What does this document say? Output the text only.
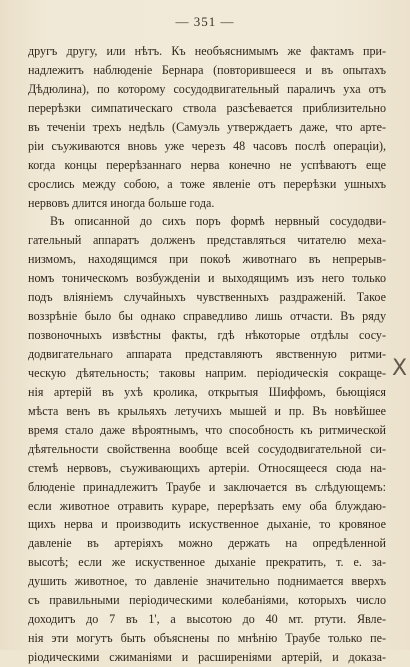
— 351 —
другъ другу, или нѣтъ. Къ необъяснимымъ же фактамъ при-
надлежитъ наблюденіе Бернара (повторившееся и въ опытахъ
Дѣдюлина), по которому сосудодвигательный параличъ уха отъ
перерѣзки симпатическаго ствола разсѣевается приблизительно
въ теченіи трехъ недѣль (Самуэль утверждаетъ даже, что арте-
ріи съуживаются вновь уже черезъ 48 часовъ послѣ операціи),
когда концы перерѣзаннаго нерва конечно не успѣваютъ еще
срослись между собою, а тоже явленіе отъ перерѣзки ушныхъ
нервовъ длится иногда больше года.
Въ описанной до сихъ поръ формѣ нервный сосудодви-
гательный аппаратъ долженъ представляться читателю меха-
низмомъ, находящимся при покоѣ животнаго въ непрерыв-
номъ тоническомъ возбужденіи и выходящимъ изъ него только
подъ вліяніемъ случайныхъ чувственныхъ раздраженій. Такое
воззрѣніе было бы однако справедливо лишь отчасти. Въ ряду
позвоночныхъ извѣстны факты, гдѣ нѣкоторые отдѣлы сосу-
додвигательнаго аппарата представляютъ явственную ритми-
ческую дѣятельность; таковы наприм. періодическія сокраще-
нія артерій въ ухѣ кролика, открытыя Шиффомъ, бьющіяся
мѣста венъ въ крыльяхъ летучихъ мышей и пр. Въ новѣйшее
время стало даже вѣроятнымъ, что способность къ ритмической
дѣятельности свойственна вообще всей сосудодвигательной си-
стемѣ нервовъ, съуживающихъ артеріи. Относящееся сюда на-
блюденіе принадлежитъ Траубе и заключается въ слѣдующемъ:
если животное отравить кураре, перерѣзать ему оба блуждаю-
щихъ нерва и производить искуственное дыханіе, то кровяное
давленіе въ артеріяхъ можно держать на опредѣленной
высотѣ; если же искуственное дыханіе прекратить, т. е. за-
душить животное, то давленіе значительно поднимается вверхъ
съ правильными періодическими колебаніями, которыхъ число
доходитъ до 7 въ 1', а высотою до 40 мт. ртути. Явле-
нія эти могутъ быть объяснены по мнѣнію Траубе только пе-
ріодическими сжиманіями и расширеніями артерій, и доказа-
X
